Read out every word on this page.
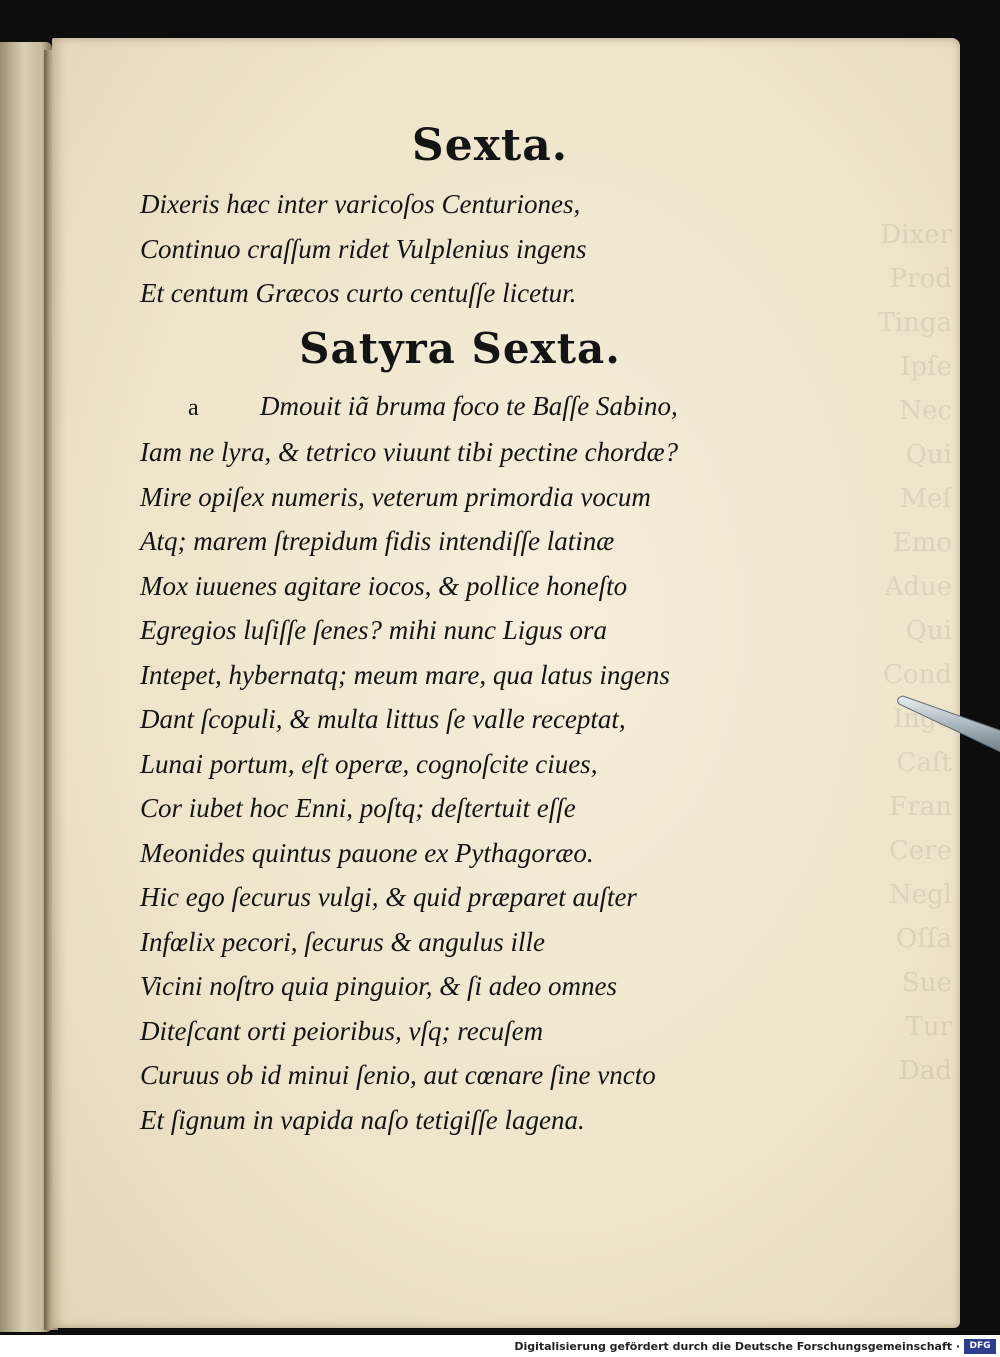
Dixer
Prod
Tinga
Ipſe
Nec
Qui
Meſ
Emo
Adue
Qui
Cond
Inge
Caſt
Fran
Cere
Negl
Oſſa
Sue
Tur
Dad
Sexta.
Dixeris hæc inter varicoſos Centuriones,
Continuo craſſum ridet Vulplenius ingens
Et centum Græcos curto centuſſe licetur.
Satyra Sexta.
a Dmouit iã bruma foco te Baſſe Sabino,
Iam ne lyra, & tetrico viuunt tibi pectine chordæ?
Mire opiſex numeris, veterum primordia vocum
Atq; marem ſtrepidum fidis intendiſſe latinæ
Mox iuuenes agitare iocos, & pollice honeſto
Egregios luſiſſe ſenes? mihi nunc Ligus ora
Intepet, hybernatq; meum mare, qua latus ingens
Dant ſcopuli, & multa littus ſe valle receptat,
Lunai portum, eſt operæ, cognoſcite ciues,
Cor iubet hoc Enni, poſtq; deſtertuit eſſe
Meonides quintus pauone ex Pythagoræo.
Hic ego ſecurus vulgi, & quid præparet auſter
Infœlix pecori, ſecurus & angulus ille
Vicini noſtro quia pinguior, & ſi adeo omnes
Diteſcant orti peioribus, vſq; recuſem
Curuus ob id minui ſenio, aut cœnare ſine vncto
Et ſignum in vapida naſo tetigiſſe lagena.
Digitalisierung gefördert durch die Deutsche Forschungsgemeinschaft ·	DFG
